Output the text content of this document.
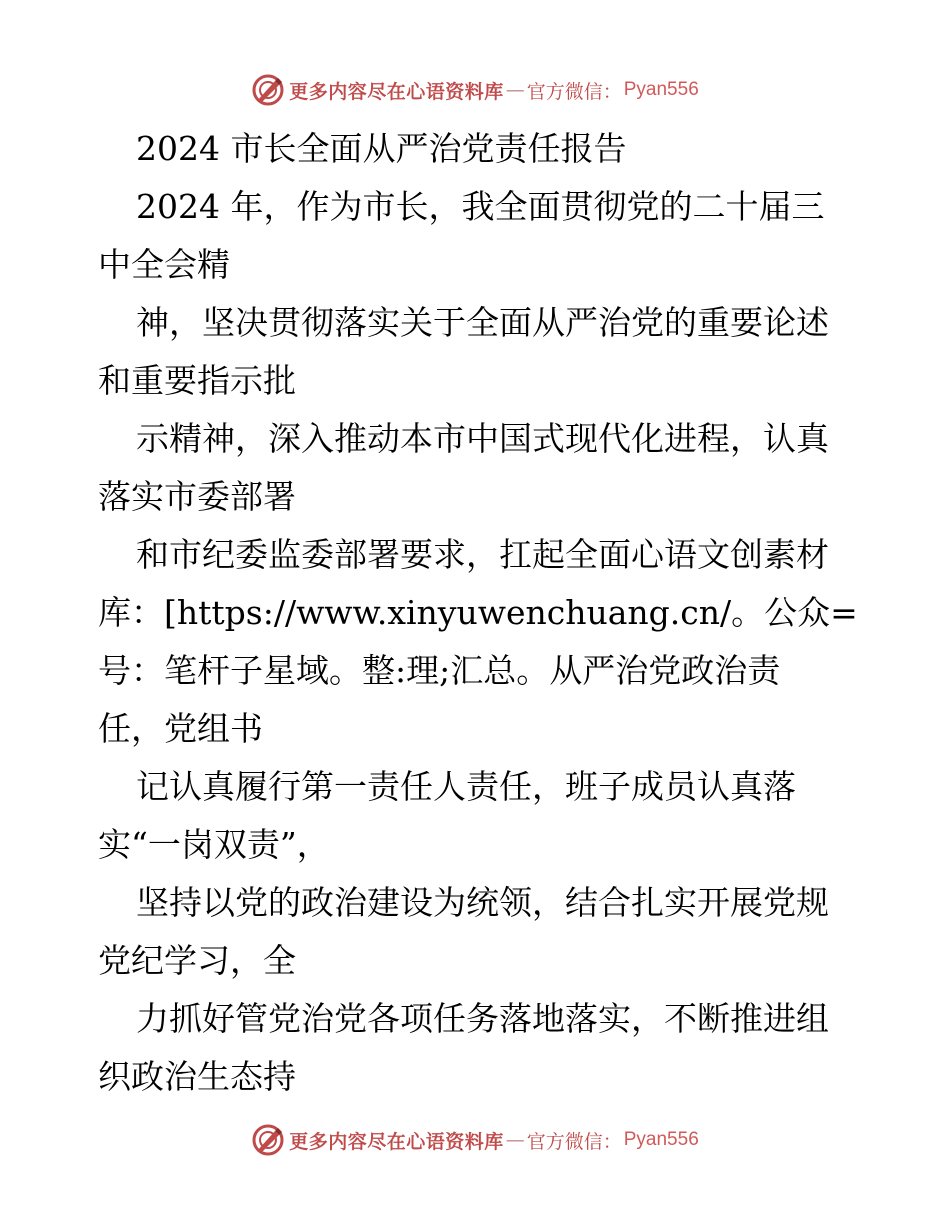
更多内容尽在心语资料库 — 官方微信： Pyan556
2024 市长全面从严治党责任报告
2024 年，作为市长，我全面贯彻党的二十届三
中全会精
神，坚决贯彻落实关于全面从严治党的重要论述
和重要指示批
示精神，深入推动本市中国式现代化进程，认真
落实市委部署
和市纪委监委部署要求，扛起全面心语文创素材
库：[https://www.xinyuwenchuang.cn/。公众=
号：笔杆子星域。整:理;汇总。从严治党政治责
任，党组书
记认真履行第一责任人责任，班子成员认真落
实“一岗双责”，
坚持以党的政治建设为统领，结合扎实开展党规
党纪学习，全
力抓好管党治党各项任务落地落实，不断推进组
织政治生态持
更多内容尽在心语资料库 — 官方微信： Pyan556
